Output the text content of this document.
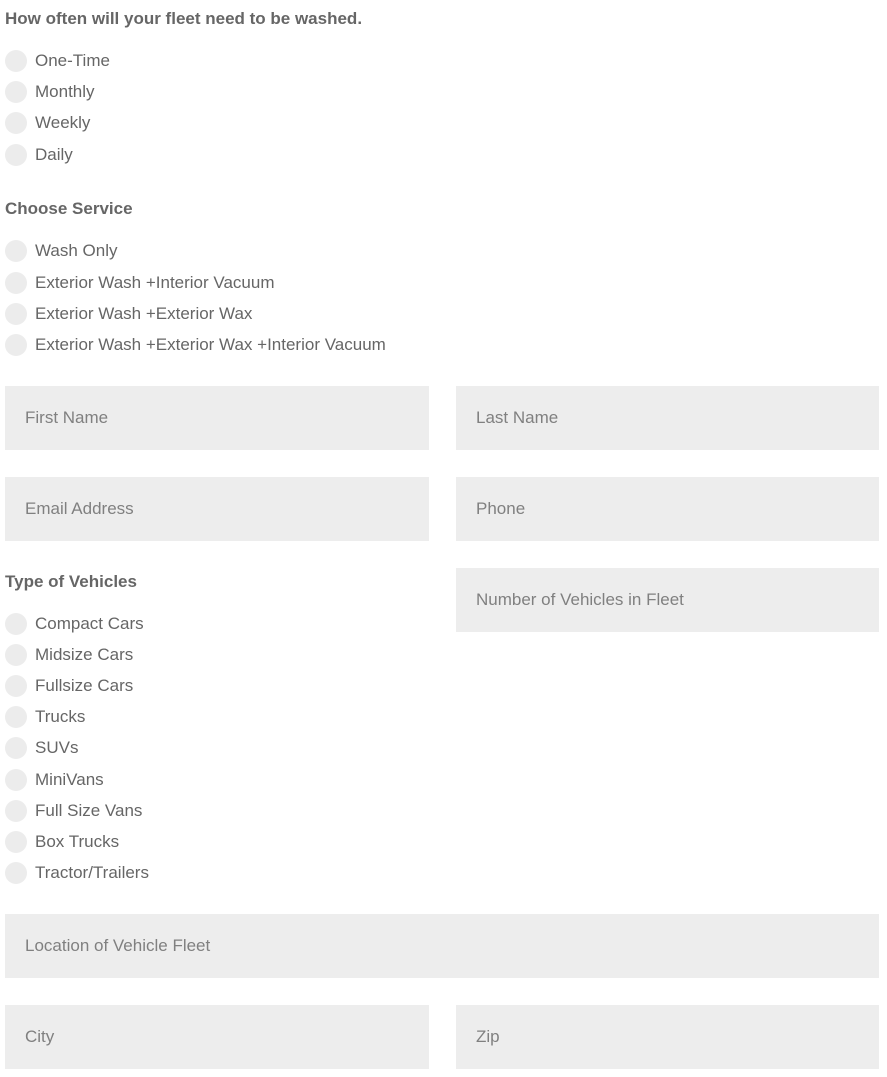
How often will your fleet need to be washed.
One-Time
Monthly
Weekly
Daily
Choose Service
Wash Only
Exterior Wash +Interior Vacuum
Exterior Wash +Exterior Wax
Exterior Wash +Exterior Wax +Interior Vacuum
First Name
Last Name
Email Address
Phone
Type of Vehicles
Number of Vehicles in Fleet
Compact Cars
Midsize Cars
Fullsize Cars
Trucks
SUVs
MiniVans
Full Size Vans
Box Trucks
Tractor/Trailers
Location of Vehicle Fleet
City
Zip
